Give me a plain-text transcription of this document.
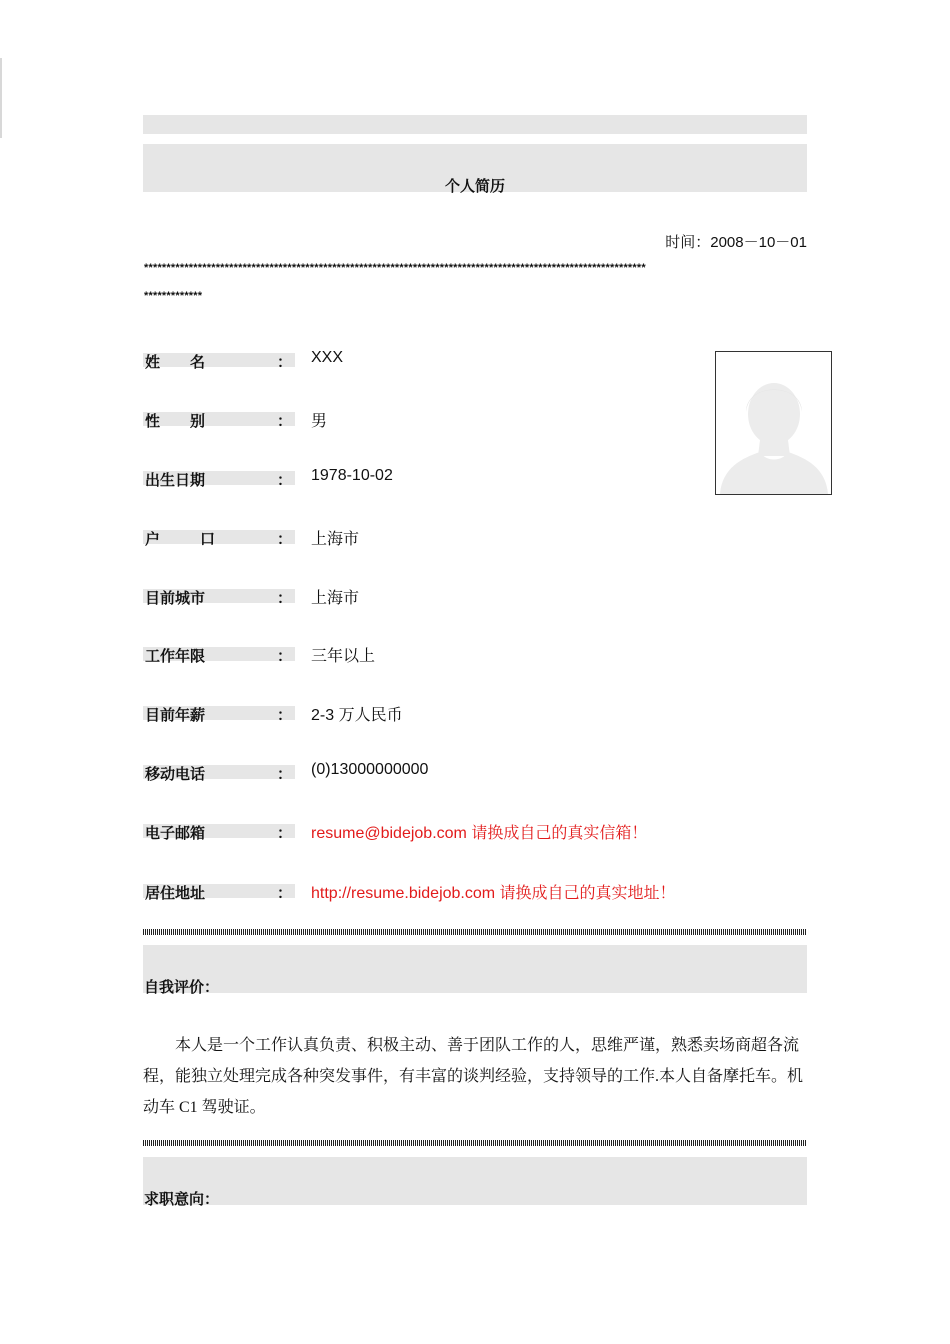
个人简历
时间：2008－10－01
****************************************************************************************************************
*************
姓名	： XXX
性别	： 男
出生日期	： 1978-10-02
户口 ： 上海市
目前城市	： 上海市
工作年限	： 三年以上
目前年薪	： 2-3 万人民币
移动电话	： (0)13000000000
电子邮箱	： resume@bidejob.com 请换成自己的真实信箱！
居住地址	： http://resume.bidejob.com 请换成自己的真实地址！
自我评价：
本人是一个工作认真负责、积极主动、善于团队工作的人，思维严谨，熟悉卖场商超各流程，能独立处理完成各种突发事件，有丰富的谈判经验，支持领导的工作.本人自备摩托车。机动车 C1 驾驶证。
求职意向：
